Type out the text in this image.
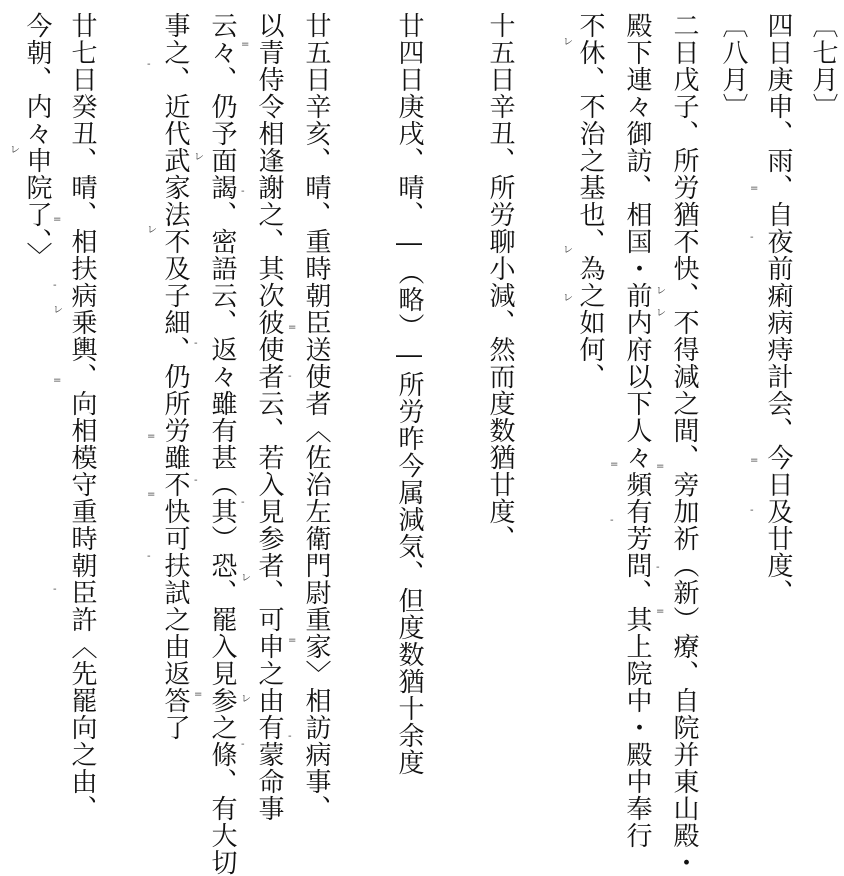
〔七月〕
四日庚申、雨、自夜前痢病痔計会、今日及廿度、
〔八月〕
二日戊子、所労猶不快、不得減之間、旁加祈（新）療、自院并東山殿・
殿下連々御訪、相国・前内府以下人々頻有芳問、其上院中・殿中奉行
不休、不治之基也、為之如何、
十五日辛丑、所労聊小減、然而度数猶廿度、
廿四日庚戌、晴、―（略）―所労昨今属減気、但度数猶十余度
廿五日辛亥、晴、重時朝臣送使者〈佐治左衛門尉重家〉相訪病事、
以青侍令相逢謝之、其次彼使者云、若入見参者、可申之由有蒙命事
云々、仍予面謁、密語云、返々雖有甚（其）恐、罷入見参之條、有大切
事之、近代武家法不及子細、仍所労雖不快可扶試之由返答了
廿七日癸丑、晴、相扶病乗輿、向相模守重時朝臣許〈先罷向之由、
今朝、内々申院了、〉	=
-
=
-
レ
レ
=
-
=
=
-
レ
レ
レ
=
-
=
-
=
-
-
レ
レ
-
レ
-
-
=
-
レ
=
=
-
=
-
レ
=
-
レ
